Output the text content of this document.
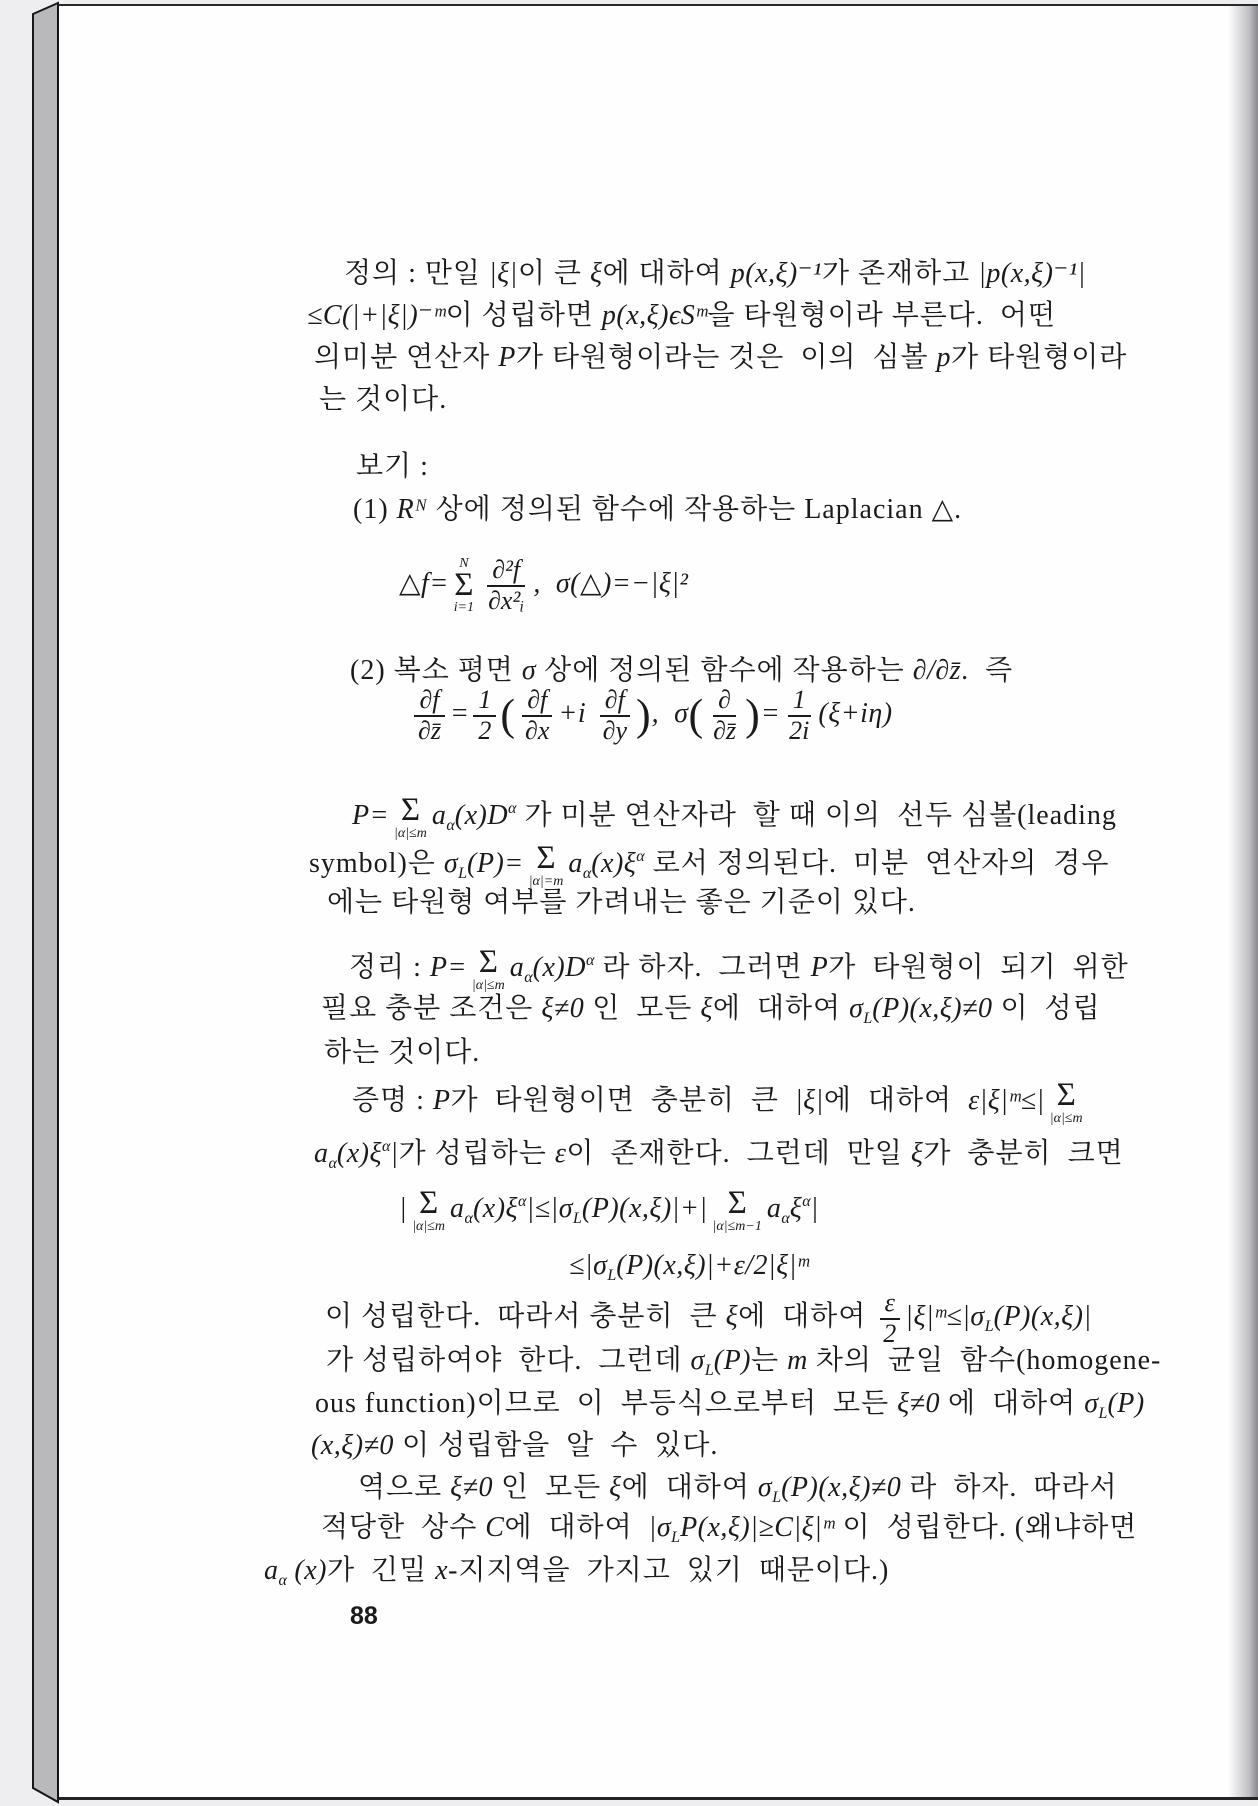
정의 : 만일 |ξ|이 큰 ξ에 대하여 p(x,ξ)⁻¹가 존재하고 |p(x,ξ)⁻¹|
≤C(|+|ξ|)⁻ᵐ이 성립하면 p(x,ξ)ϵSᵐ을 타원형이라 부른다.  어떤
의미분 연산자 P가 타원형이라는 것은  이의  심볼 p가 타원형이라
는 것이다.
보기 :
(1) Rᴺ 상에 정의된 함수에 작용하는 Laplacian △.
△f=
N
Σ
$i=1 \frac{\text{∂²f}}{\text{∂x²ᵢ}}$ ,  σ(△)=−|ξ|²
(2) 복소 평면 σ 상에 정의된 함수에 작용하는 ∂/∂z̄.  즉
$\frac{\partial f}{\partial z̄} = \frac{1}{2}$ ( $\frac{\partial f}{\partial x} +i \frac{\partial f}{\partial y}$ ),  $\sigma( \frac{\partial}{\partial z̄}$ )= $\frac{1}{2i} (\xi+i\eta)$
P= Σ
|α|≤m
$a_\alpha(x)D^\alpha$ 가 미분 연산자라  할 때 이의  선두 심볼(leading
symbol)은 $\sigma_L(P)= \Sigma$
|α|=m
$a_\alpha(x)\xi^\alpha$ 로서 정의된다.  미분  연산자의  경우
에는 타원형 여부를 가려내는 좋은 기준이 있다.
정리 : P= Σ
|α|≤m
$a_\alpha(x)D^\alpha$ 라 하자.  그러면 P가  타원형이  되기  위한
필요 충분 조건은 ξ≠0 인  모든 ξ에  대하여 $\sigma_L(P)(x,\xi)\ne 0$ 이  성립
하는 것이다.
증명 : P가  타원형이면  충분히  큰  |ξ|에  대하여  ε|ξ|ᵐ≤| Σ
|α|≤m
$a_\alpha(x)\xi^\alpha|$가 성립하는 ε이  존재한다.  그런데  만일 ξ가  충분히  크면
| Σ
|α|≤m
$a_\alpha(x)\xi^\alpha|\le|\sigma_L(P)(x,\xi)|+|$ Σ
|α|≤m−1
$a_\alpha\xi^\alpha|$
$\le|\sigma_L(P)(x,\xi)|+\varepsilon/2|\xi|ᵐ$
이 성립한다.  따라서 충분히  큰 ξ에  대하여 $\frac{\varepsilon}{2}$ $|\xi|ᵐ\le|\sigma_L(P)(x,\xi)|$
가 성립하여야  한다.  그런데 $\sigma_L(P)$는 m 차의  균일  함수(homogene-
ous function)이므로  이  부등식으로부터  모든 ξ≠0 에  대하여 $\sigma_L(P)$
(x,ξ)≠0 이 성립함을  알  수  있다.
역으로 ξ≠0 인  모든 ξ에  대하여 $\sigma_L(P)(x,\xi)\ne 0$ 라  하자.  따라서
적당한  상수 C에  대하여  $|\sigma_LP(x,\xi)|\ge C|\xi|ᵐ$ 이  성립한다. (왜냐하면
$a_\alpha$ (x)가  긴밀 x-지지역을  가지고  있기  때문이다.)
88
